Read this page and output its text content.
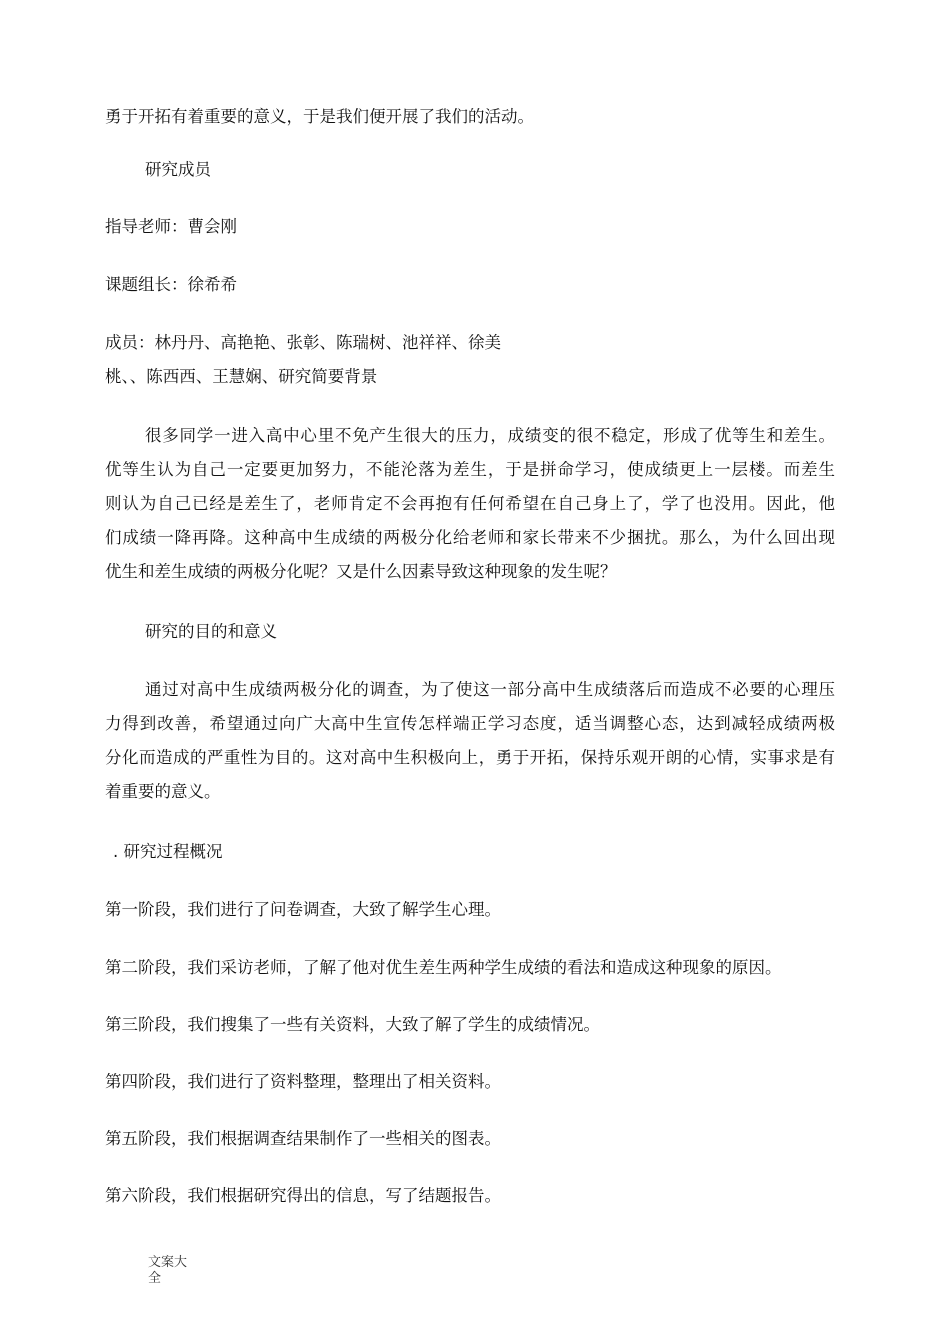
勇于开拓有着重要的意义，于是我们便开展了我们的活动。
研究成员
指导老师：曹会刚
课题组长：徐希希
成员：林丹丹、高艳艳、张彰、陈瑞树、池祥祥、徐美
桃、、陈西西、王慧娴、研究简要背景
很多同学一进入高中心里不免产生很大的压力，成绩变的很不稳定，形成了优等生和差生。
优等生认为自己一定要更加努力，不能沦落为差生，于是拼命学习，使成绩更上一层楼。而差生
则认为自己已经是差生了，老师肯定不会再抱有任何希望在自己身上了，学了也没用。因此，他
们成绩一降再降。这种高中生成绩的两极分化给老师和家长带来不少捆扰。那么，为什么回出现
优生和差生成绩的两极分化呢？又是什么因素导致这种现象的发生呢？
研究的目的和意义
通过对高中生成绩两极分化的调查，为了使这一部分高中生成绩落后而造成不必要的心理压
力得到改善，希望通过向广大高中生宣传怎样端正学习态度，适当调整心态，达到减轻成绩两极
分化而造成的严重性为目的。这对高中生积极向上，勇于开拓，保持乐观开朗的心情，实事求是有
着重要的意义。
. 研究过程概况
第一阶段，我们进行了问卷调查，大致了解学生心理。
第二阶段，我们采访老师，了解了他对优生差生两种学生成绩的看法和造成这种现象的原因。
第三阶段，我们搜集了一些有关资料，大致了解了学生的成绩情况。
第四阶段，我们进行了资料整理，整理出了相关资料。
第五阶段，我们根据调查结果制作了一些相关的图表。
第六阶段，我们根据研究得出的信息，写了结题报告。
文案大全
